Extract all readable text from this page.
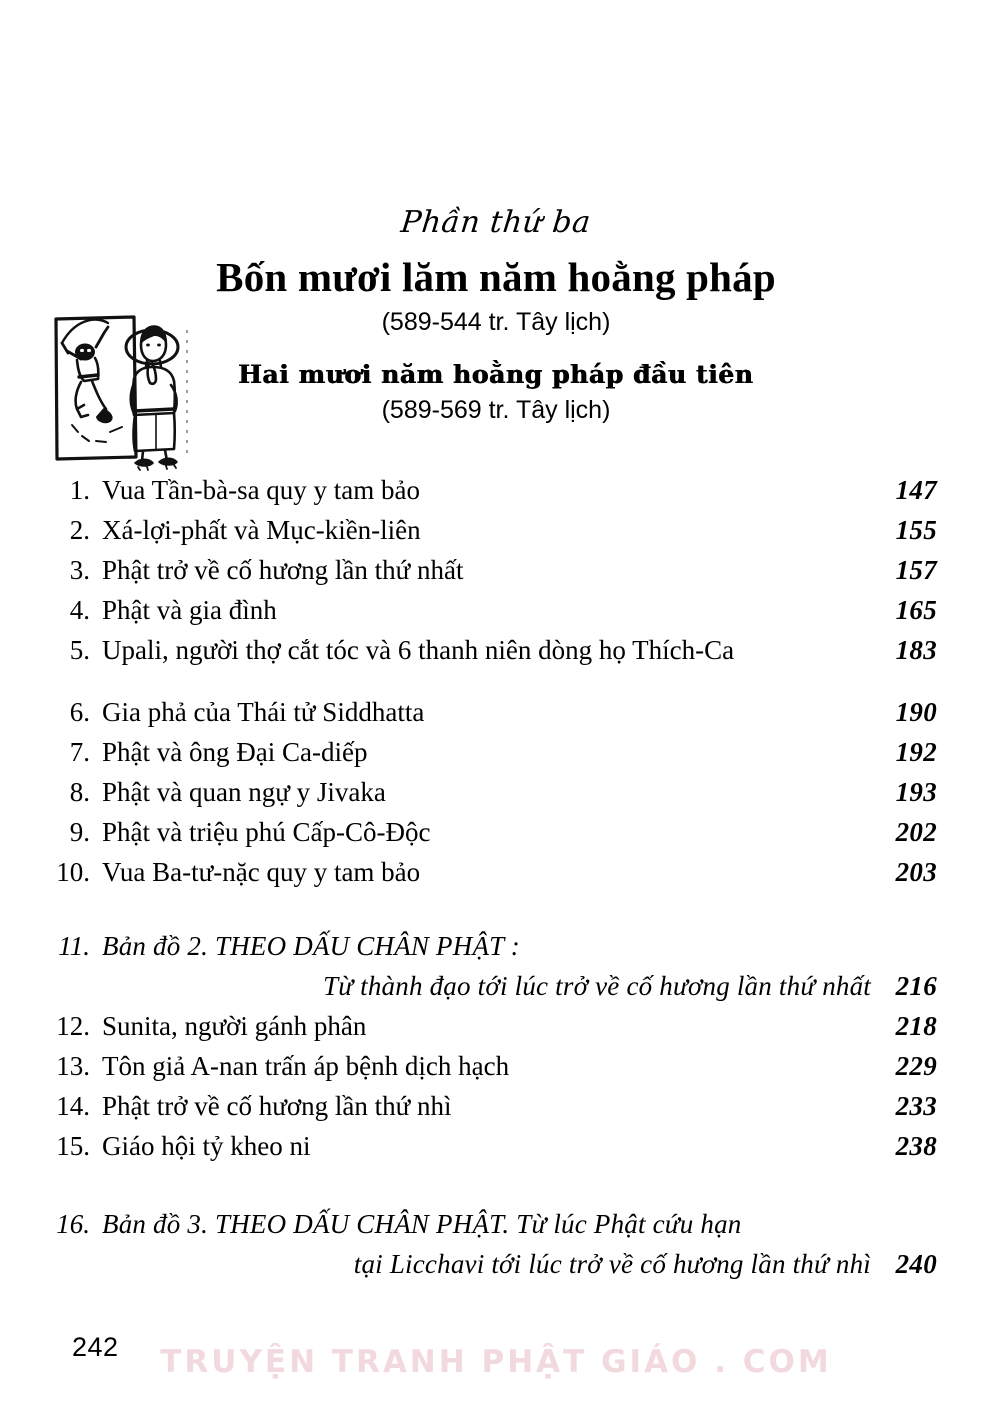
Phần thứ ba
Bốn mươi lăm năm hoằng pháp
(589-544 tr. Tây lịch)
Hai mươi năm hoằng pháp đầu tiên
(589-569 tr. Tây lịch)
1. Vua Tần-bà-sa quy y tam bảo	147
2. Xá-lợi-phất và Mục-kiền-liên	155
3. Phật trở về cố hương lần thứ nhất	157
4. Phật và gia đình	165
5. Upali, người thợ cắt tóc và 6 thanh niên dòng họ Thích-Ca	183
6. Gia phả của Thái tử Siddhatta	190
7. Phật và ông Đại Ca-diếp	192
8. Phật và quan ngự y Jivaka	193
9. Phật và triệu phú Cấp-Cô-Độc	202
10. Vua Ba-tư-nặc quy y tam bảo	203
11. Bản đồ 2. THEO DẤU CHÂN PHẬT :
Từ thành đạo tới lúc trở về cố hương lần thứ nhất 216
12. Sunita, người gánh phân	218
13. Tôn giả A-nan trấn áp bệnh dịch hạch	229
14. Phật trở về cố hương lần thứ nhì	233
15. Giáo hội tỷ kheo ni	238
16. Bản đồ 3. THEO DẤU CHÂN PHẬT. Từ lúc Phật cứu hạn
tại Licchavi tới lúc trở về cố hương lần thứ nhì 240
242	TRUYỆN TRANH PHẬT GIÁO . COM
